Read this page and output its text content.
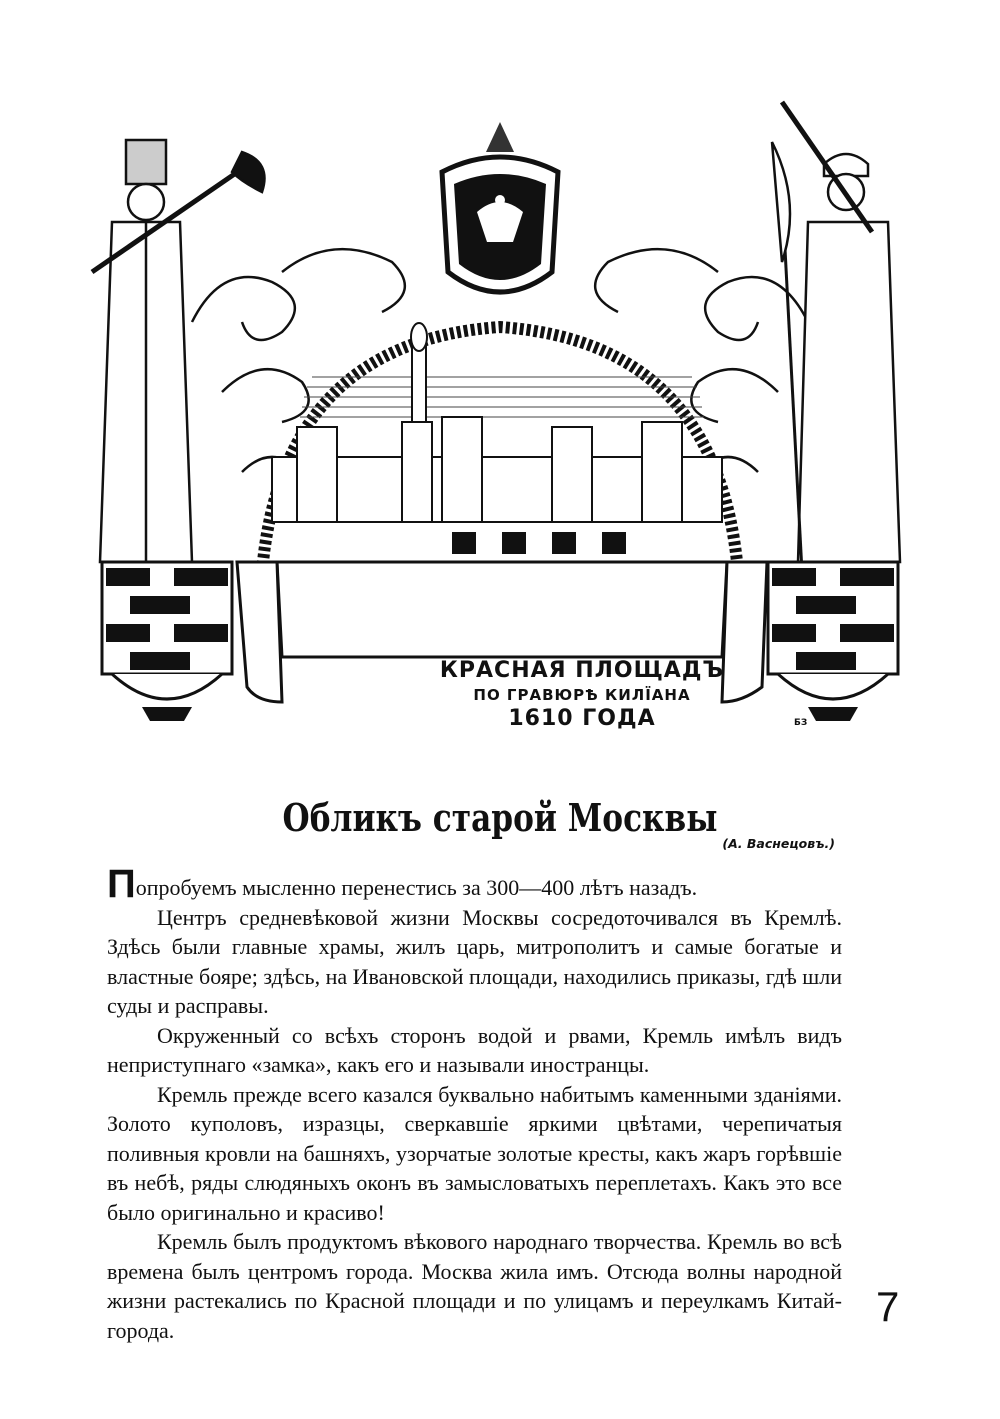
КРАСНАЯ ПЛОЩАДЪ
ПО ГРАВЮРѢ КИЛЇАНА
1610 ГОДА	БЗ
Обликъ старой Москвы
(А. Васнецовъ.)

Попробуемъ мысленно перенестись за 300—400 лѣтъ назадъ.

Центръ средневѣковой жизни Москвы сосредоточивался въ Кремлѣ. Здѣсь были главные храмы, жилъ царь, митрополитъ и самые богатые и властные бояре; здѣсь, на Ивановской площади, находились приказы, гдѣ шли суды и расправы.

Окруженный со всѣхъ сторонъ водой и рвами, Кремль имѣлъ видъ неприступнаго «замка», какъ его и называли иностранцы.

Кремль прежде всего казался буквально набитымъ каменными зданіями. Золото куполовъ, изразцы, сверкавшіе яркими цвѣтами, черепичатыя поливныя кровли на башняхъ, узорчатые золотые кресты, какъ жаръ горѣвшіе въ небѣ, ряды слюдяныхъ оконъ въ замысловатыхъ переплетахъ. Какъ это все было оригинально и красиво!

Кремль былъ продуктомъ вѣкового народнаго творчества. Кремль во всѣ времена былъ центромъ города. Москва жила имъ. Отсюда волны народной жизни растекались по Красной площади и по улицамъ и переулкамъ Китай-города.	7
